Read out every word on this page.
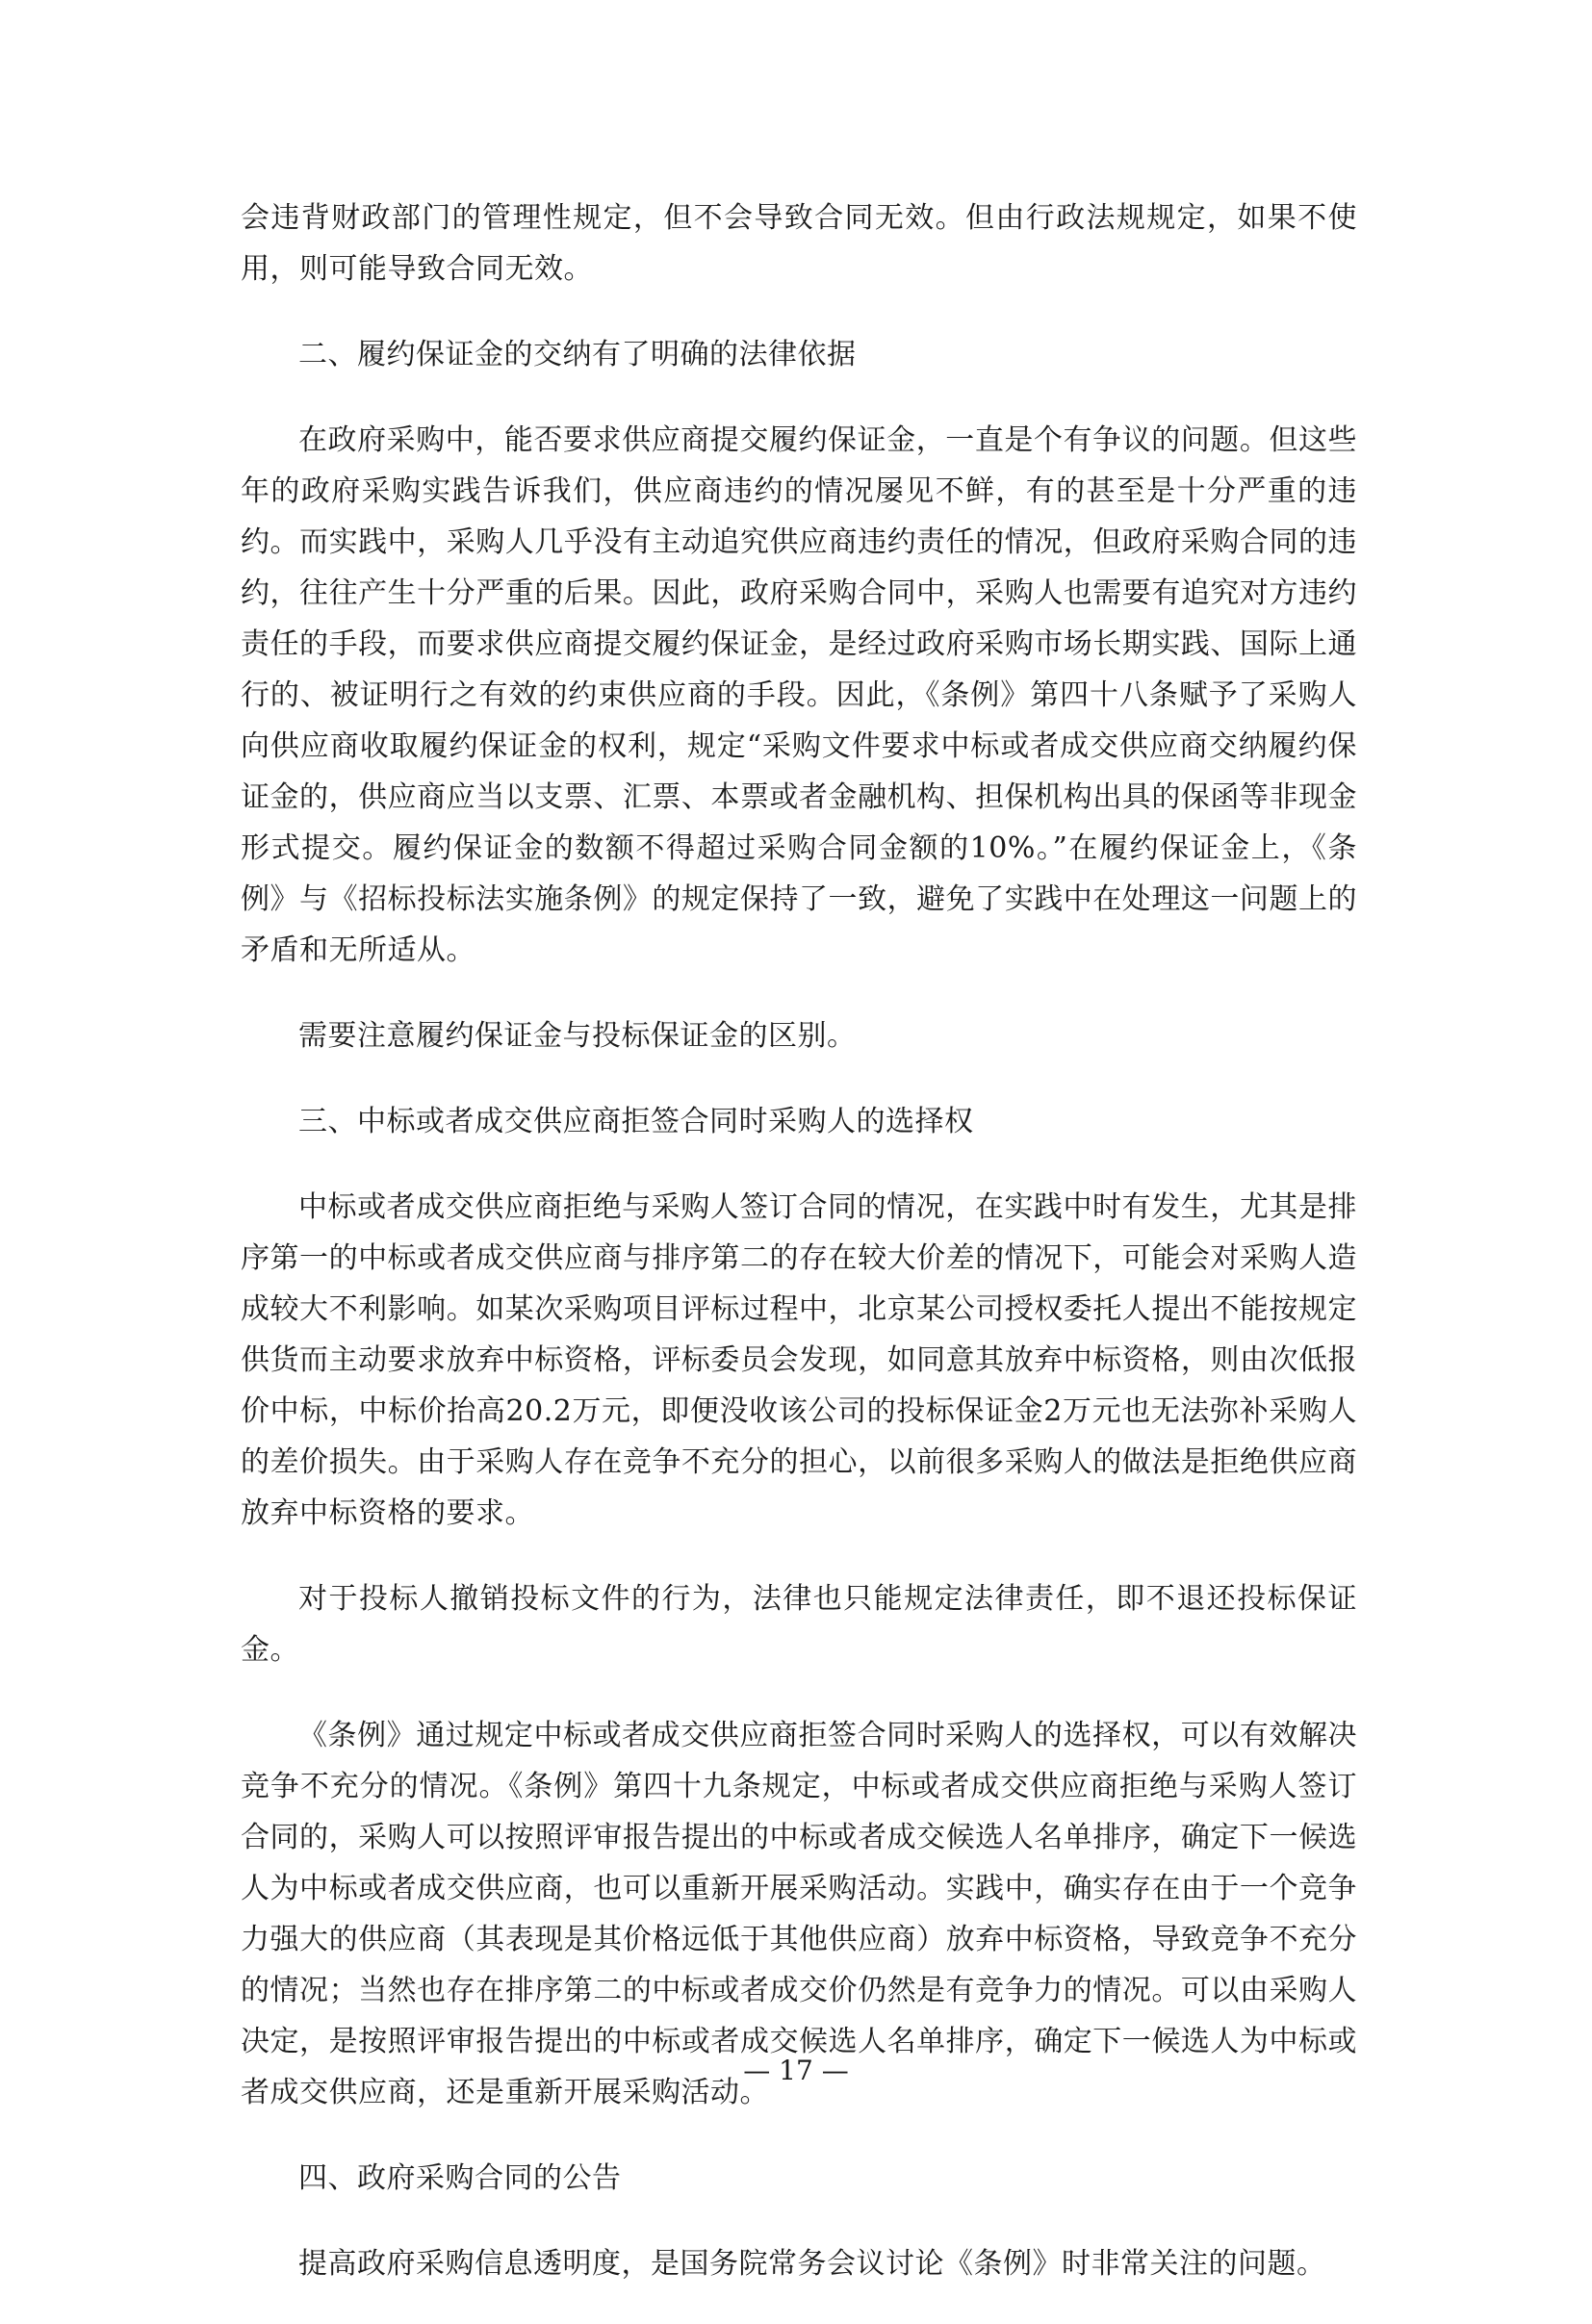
会违背财政部门的管理性规定，但不会导致合同无效。但由行政法规规定，如果不使用，则可能导致合同无效。

二、履约保证金的交纳有了明确的法律依据

在政府采购中，能否要求供应商提交履约保证金，一直是个有争议的问题。但这些年的政府采购实践告诉我们，供应商违约的情况屡见不鲜，有的甚至是十分严重的违约。而实践中，采购人几乎没有主动追究供应商违约责任的情况，但政府采购合同的违约，往往产生十分严重的后果。因此，政府采购合同中，采购人也需要有追究对方违约责任的手段，而要求供应商提交履约保证金，是经过政府采购市场长期实践、国际上通行的、被证明行之有效的约束供应商的手段。因此，《条例》第四十八条赋予了采购人向供应商收取履约保证金的权利，规定“采购文件要求中标或者成交供应商交纳履约保证金的，供应商应当以支票、汇票、本票或者金融机构、担保机构出具的保函等非现金形式提交。履约保证金的数额不得超过采购合同金额的10%。”在履约保证金上，《条例》与《招标投标法实施条例》的规定保持了一致，避免了实践中在处理这一问题上的矛盾和无所适从。

需要注意履约保证金与投标保证金的区别。

三、中标或者成交供应商拒签合同时采购人的选择权

中标或者成交供应商拒绝与采购人签订合同的情况，在实践中时有发生，尤其是排序第一的中标或者成交供应商与排序第二的存在较大价差的情况下，可能会对采购人造成较大不利影响。如某次采购项目评标过程中，北京某公司授权委托人提出不能按规定供货而主动要求放弃中标资格，评标委员会发现，如同意其放弃中标资格，则由次低报价中标，中标价抬高20.2万元，即便没收该公司的投标保证金2万元也无法弥补采购人的差价损失。由于采购人存在竞争不充分的担心，以前很多采购人的做法是拒绝供应商放弃中标资格的要求。

对于投标人撤销投标文件的行为，法律也只能规定法律责任，即不退还投标保证金。

《条例》通过规定中标或者成交供应商拒签合同时采购人的选择权，可以有效解决竞争不充分的情况。《条例》第四十九条规定，中标或者成交供应商拒绝与采购人签订合同的，采购人可以按照评审报告提出的中标或者成交候选人名单排序，确定下一候选人为中标或者成交供应商，也可以重新开展采购活动。实践中，确实存在由于一个竞争力强大的供应商（其表现是其价格远低于其他供应商）放弃中标资格，导致竞争不充分的情况；当然也存在排序第二的中标或者成交价仍然是有竞争力的情况。可以由采购人决定，是按照评审报告提出的中标或者成交候选人名单排序，确定下一候选人为中标或者成交供应商，还是重新开展采购活动。

四、政府采购合同的公告

提高政府采购信息透明度，是国务院常务会议讨论《条例》时非常关注的问题。

— 17 —
